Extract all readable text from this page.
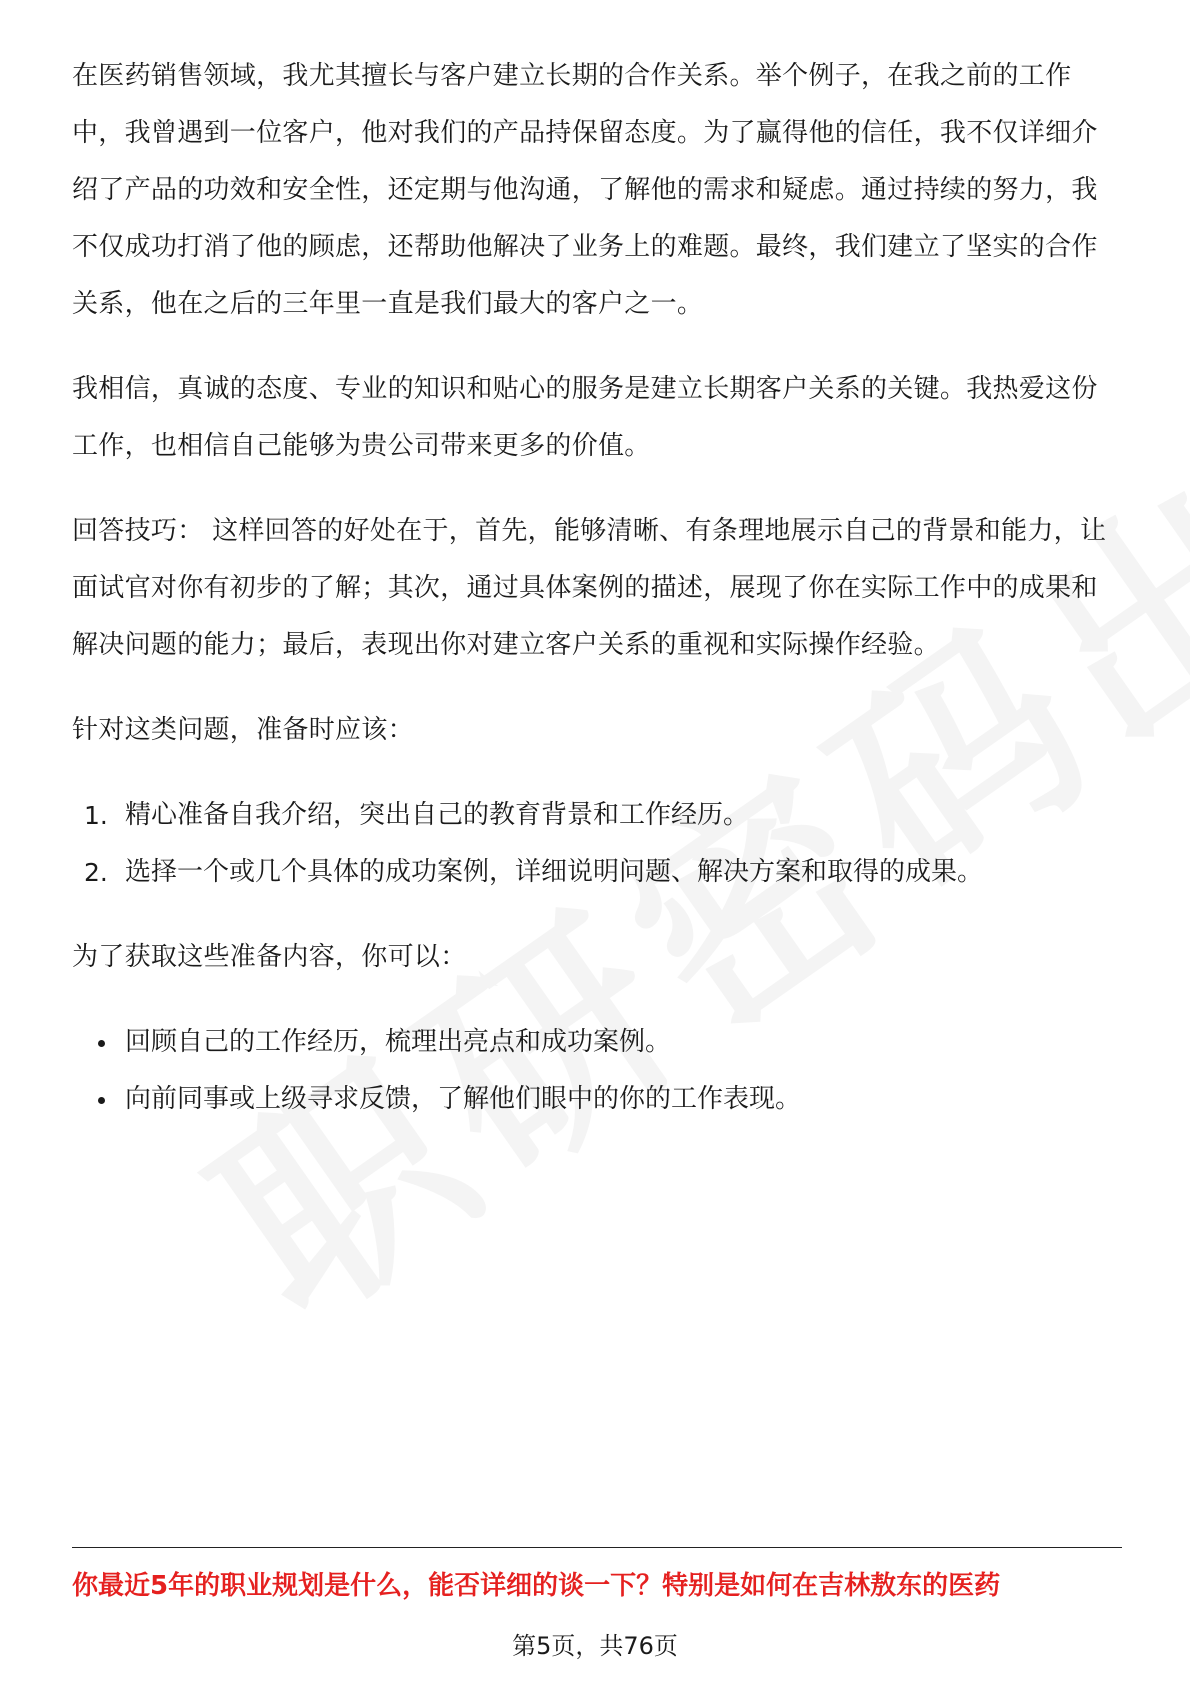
在医药销售领域，我尤其擅长与客户建立长期的合作关系。举个例子，在我之前的工作中，我曾遇到一位客户，他对我们的产品持保留态度。为了赢得他的信任，我不仅详细介绍了产品的功效和安全性，还定期与他沟通，了解他的需求和疑虑。通过持续的努力，我不仅成功打消了他的顾虑，还帮助他解决了业务上的难题。最终，我们建立了坚实的合作关系，他在之后的三年里一直是我们最大的客户之一。

我相信，真诚的态度、专业的知识和贴心的服务是建立长期客户关系的关键。我热爱这份工作，也相信自己能够为贵公司带来更多的价值。

回答技巧： 这样回答的好处在于，首先，能够清晰、有条理地展示自己的背景和能力，让面试官对你有初步的了解；其次，通过具体案例的描述，展现了你在实际工作中的成果和解决问题的能力；最后，表现出你对建立客户关系的重视和实际操作经验。

针对这类问题，准备时应该：

1. 精心准备自我介绍，突出自己的教育背景和工作经历。
2. 选择一个或几个具体的成功案例，详细说明问题、解决方案和取得的成果。

为了获取这些准备内容，你可以：

回顾自己的工作经历，梳理出亮点和成功案例。
向前同事或上级寻求反馈，了解他们眼中的你的工作表现。
你最近5年的职业规划是什么，能否详细的谈一下？特别是如何在吉林敖东的医药
第5页，共76页
